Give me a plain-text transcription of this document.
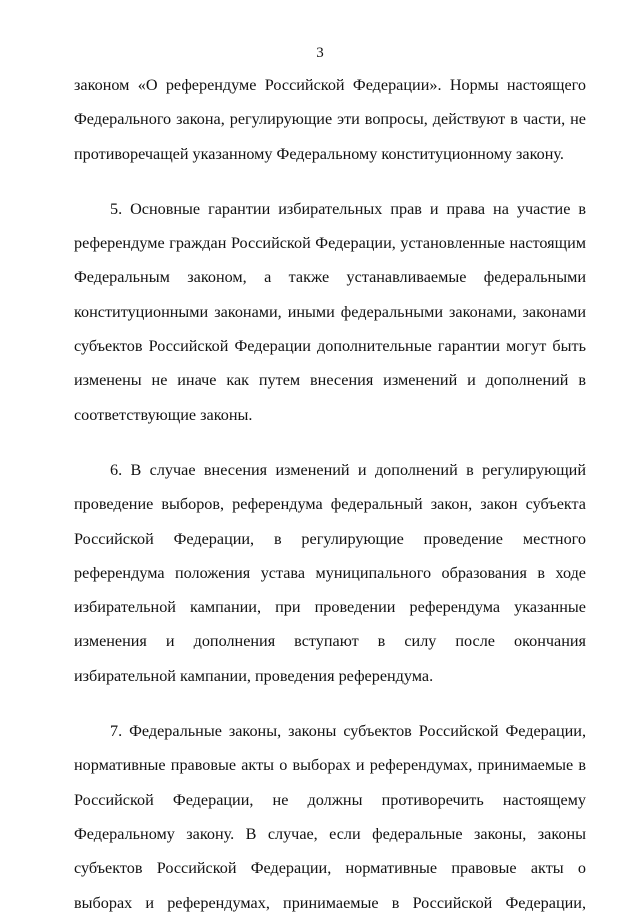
3

законом «О референдуме Российской Федерации». Нормы настоящего Федерального закона, регулирующие эти вопросы, действуют в части, не противоречащей указанному Федеральному конституционному закону.

5. Основные гарантии избирательных прав и права на участие в референдуме граждан Российской Федерации, установленные настоящим Федеральным законом, а также устанавливаемые федеральными конституционными законами, иными федеральными законами, законами субъектов Российской Федерации дополнительные гарантии могут быть изменены не иначе как путем внесения изменений и дополнений в соответствующие законы.

6. В случае внесения изменений и дополнений в регулирующий проведение выборов, референдума федеральный закон, закон субъекта Российской Федерации, в регулирующие проведение местного референдума положения устава муниципального образования в ходе избирательной кампании, при проведении референдума указанные изменения и дополнения вступают в силу после окончания избирательной кампании, проведения референдума.

7. Федеральные законы, законы субъектов Российской Федерации, нормативные правовые акты о выборах и референдумах, принимаемые в Российской Федерации, не должны противоречить настоящему Федеральному закону. В случае, если федеральные законы, законы субъектов Российской Федерации, нормативные правовые акты о выборах и референдумах, принимаемые в Российской Федерации,
